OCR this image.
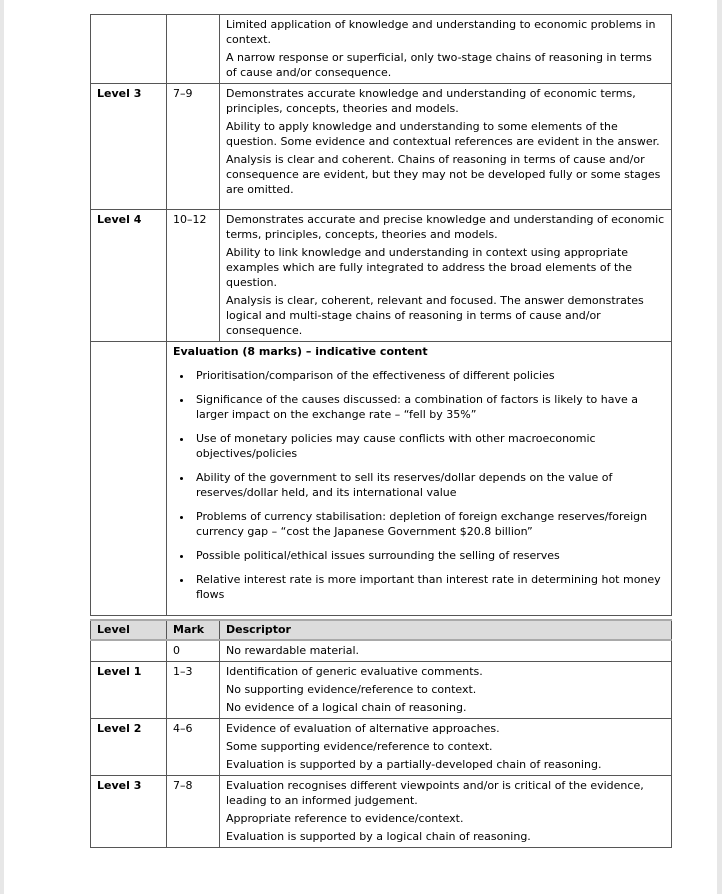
		Limited application of knowledge and understanding to economic problems in context.
A narrow response or superficial, only two-stage chains of reasoning in terms of cause and/or consequence.

Level 3	7–9	Demonstrates accurate knowledge and understanding of economic terms, principles, concepts, theories and models.
Ability to apply knowledge and understanding to some elements of the question. Some evidence and contextual references are evident in the answer.
Analysis is clear and coherent. Chains of reasoning in terms of cause and/or consequence are evident, but they may not be developed fully or some stages are omitted.

Level 4	10–12	Demonstrates accurate and precise knowledge and understanding of economic terms, principles, concepts, theories and models.
Ability to link knowledge and understanding in context using appropriate examples which are fully integrated to address the broad elements of the question.
Analysis is clear, coherent, relevant and focused. The answer demonstrates logical and multi-stage chains of reasoning in terms of cause and/or consequence.

Evaluation (8 marks) – indicative content
• Prioritisation/comparison of the effectiveness of different policies
• Significance of the causes discussed: a combination of factors is likely to have a larger impact on the exchange rate – “fell by 35%”
• Use of monetary policies may cause conflicts with other macroeconomic objectives/policies
• Ability of the government to sell its reserves/dollar depends on the value of reserves/dollar held, and its international value
• Problems of currency stabilisation: depletion of foreign exchange reserves/foreign currency gap – “cost the Japanese Government $20.8 billion”
• Possible political/ethical issues surrounding the selling of reserves
• Relative interest rate is more important than interest rate in determining hot money flows
Level	Mark	Descriptor
	0	No rewardable material.

Level 1	1–3	Identification of generic evaluative comments.
No supporting evidence/reference to context.
No evidence of a logical chain of reasoning.

Level 2	4–6	Evidence of evaluation of alternative approaches.
Some supporting evidence/reference to context.
Evaluation is supported by a partially-developed chain of reasoning.

Level 3	7–8	Evaluation recognises different viewpoints and/or is critical of the evidence, leading to an informed judgement.
Appropriate reference to evidence/context.
Evaluation is supported by a logical chain of reasoning.
